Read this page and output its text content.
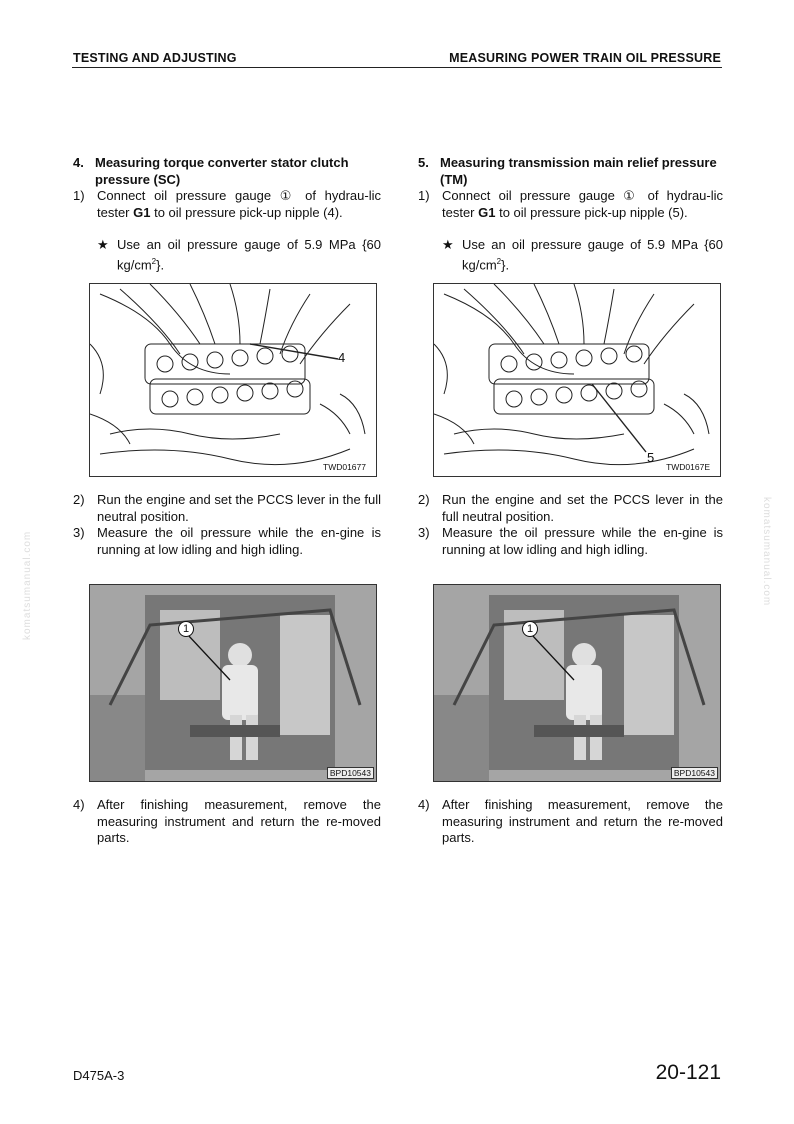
TESTING AND ADJUSTING	MEASURING POWER TRAIN OIL PRESSURE
komatsumanual.com	komatsumanual.com
4. Measuring torque converter stator clutch pressure (SC)
1) Connect oil pressure gauge ① of hydrau-lic tester G1 to oil pressure pick-up nipple (4).
★ Use an oil pressure gauge of 5.9 MPa {60 $kg/cm^2$}.
4
TWD01677
2) Run the engine and set the PCCS lever in the full neutral position.
3) Measure the oil pressure while the en-gine is running at low idling and high idling.
1
BPD10543
4) After finishing measurement, remove the measuring instrument and return the re-moved parts.
5. Measuring transmission main relief pressure (TM)
1) Connect oil pressure gauge ① of hydrau-lic tester G1 to oil pressure pick-up nipple (5).
★ Use an oil pressure gauge of 5.9 MPa {60 $kg/cm^2$}.
5
TWD0167E
2) Run the engine and set the PCCS lever in the full neutral position.
3) Measure the oil pressure while the en-gine is running at low idling and high idling.
1
BPD10543
4) After finishing measurement, remove the measuring instrument and return the re-moved parts.
D475A-3	20-121
